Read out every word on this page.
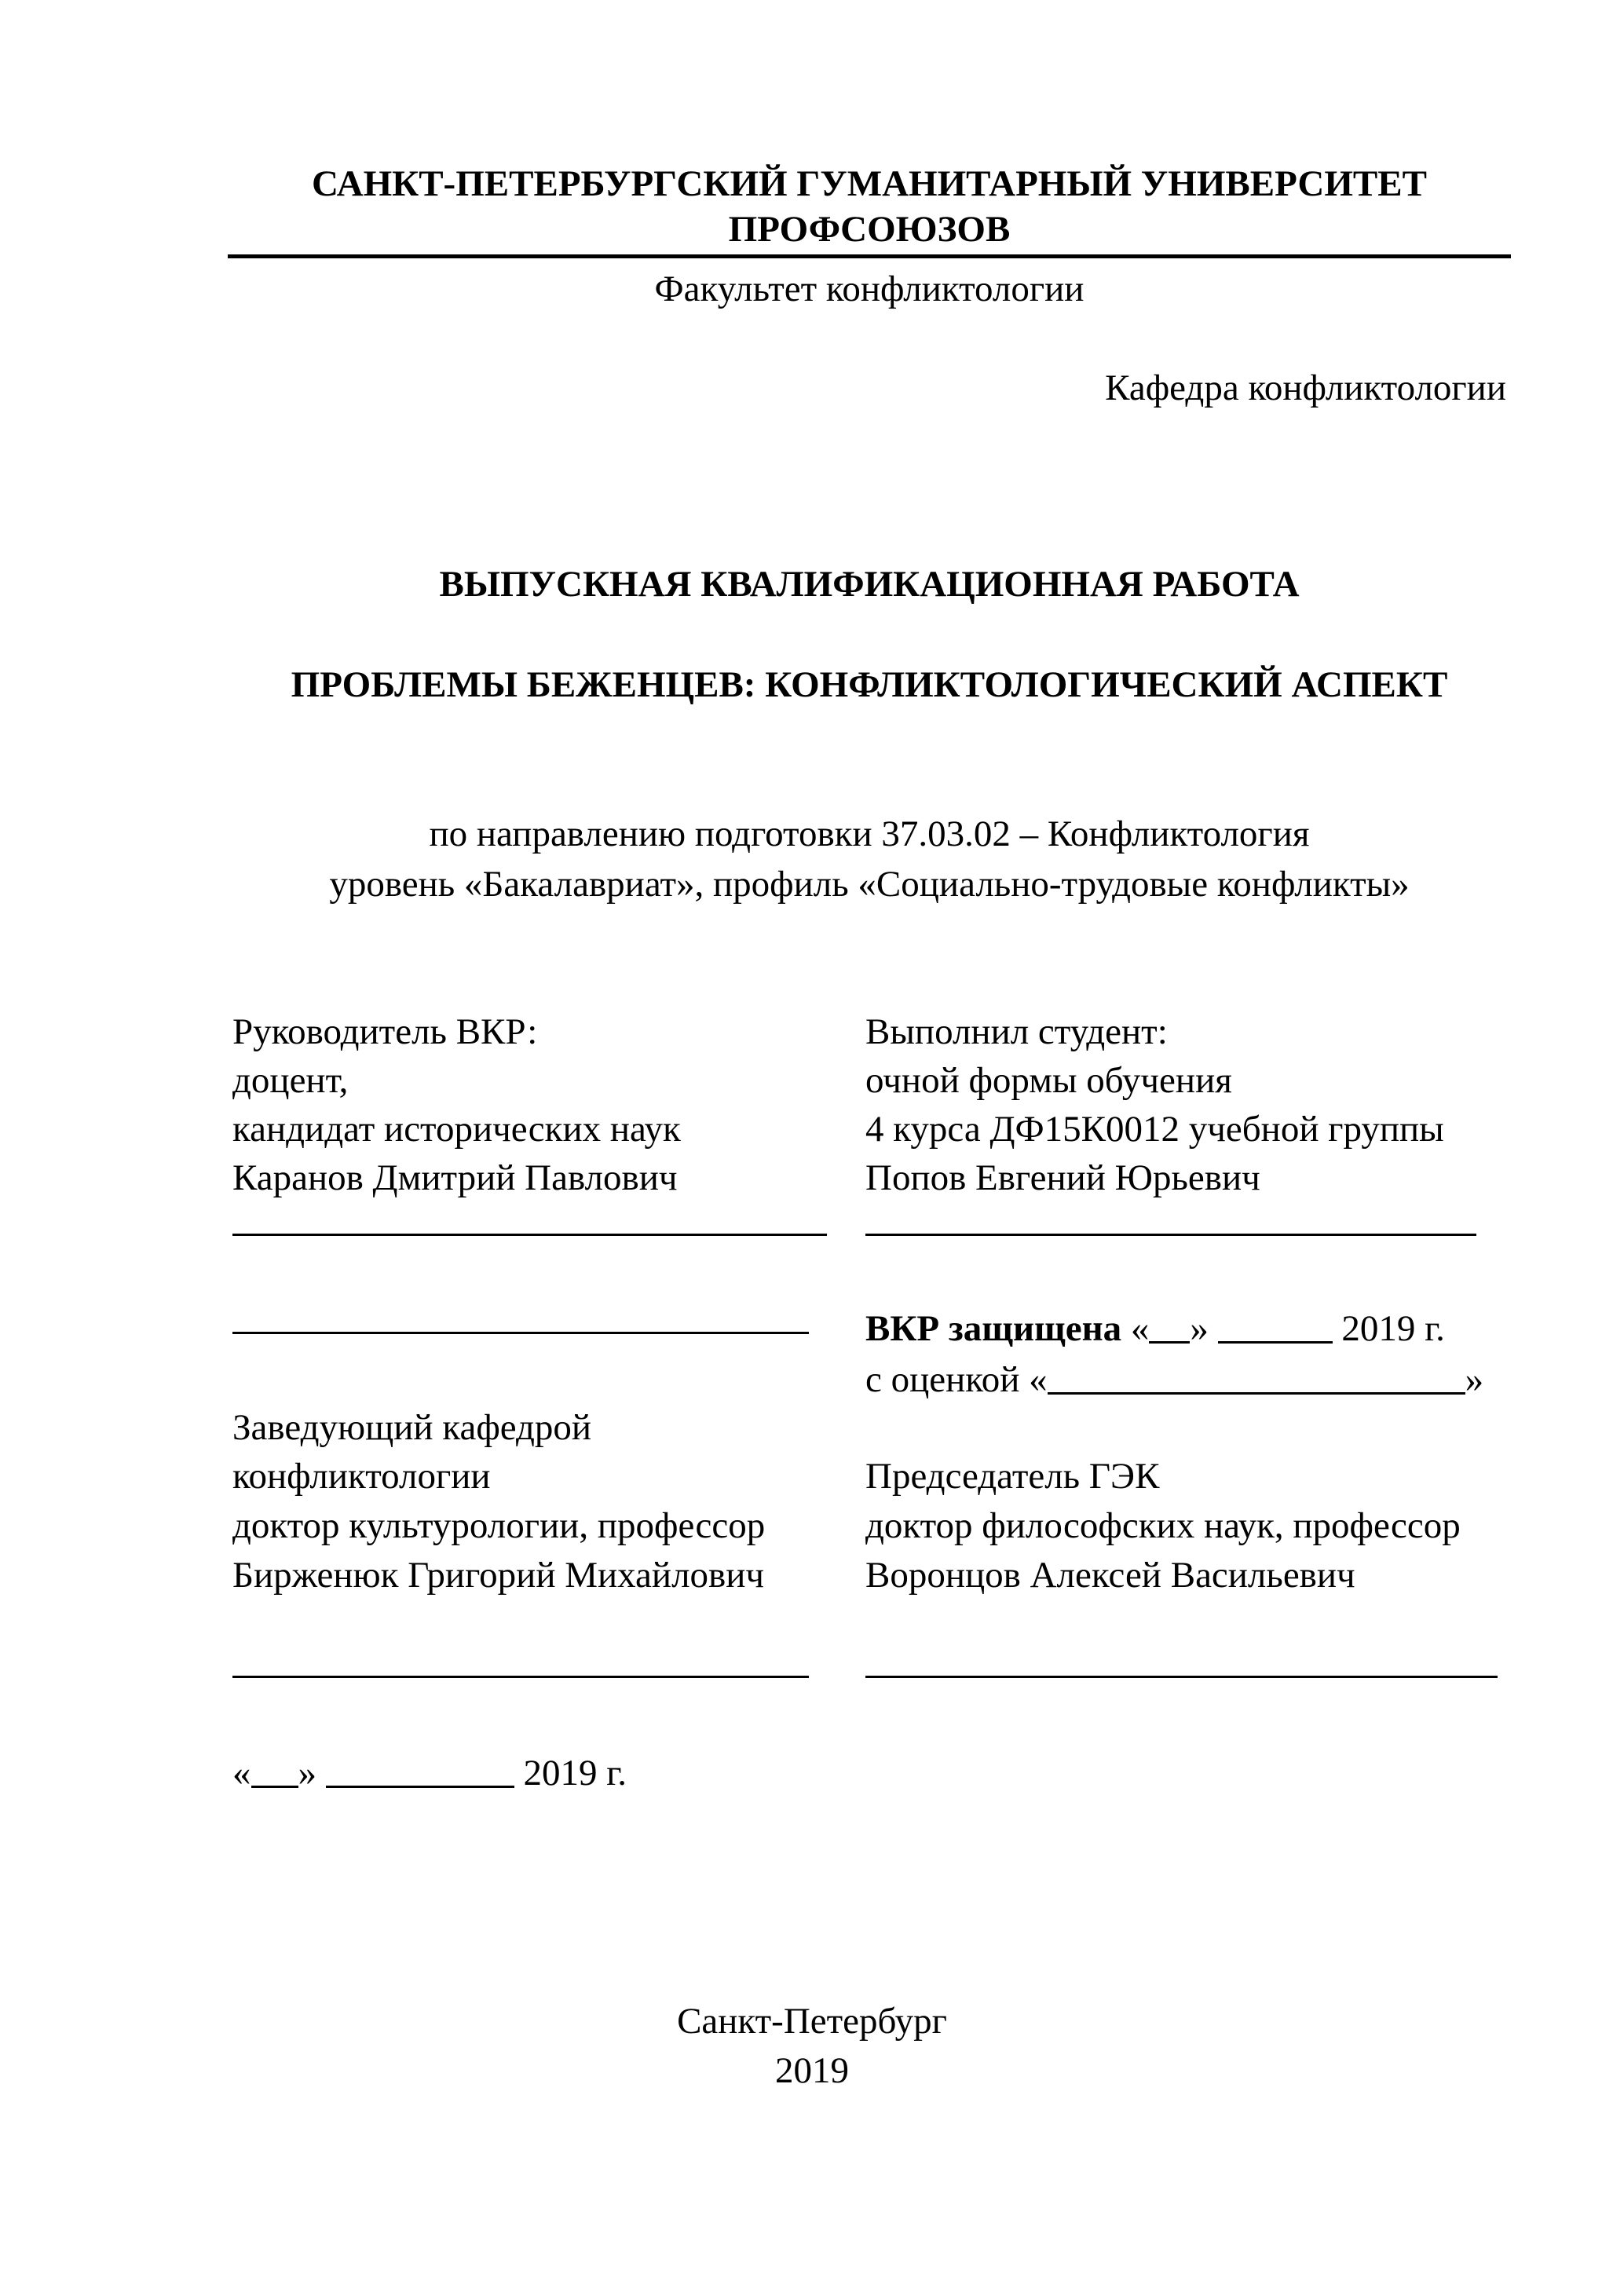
САНКТ-ПЕТЕРБУРГСКИЙ ГУМАНИТАРНЫЙ УНИВЕРСИТЕТ
ПРОФСОЮЗОВ
Факультет конфликтологии
Кафедра конфликтологии
ВЫПУСКНАЯ КВАЛИФИКАЦИОННАЯ РАБОТА
ПРОБЛЕМЫ БЕЖЕНЦЕВ: КОНФЛИКТОЛОГИЧЕСКИЙ АСПЕКТ
по направлению подготовки 37.03.02 – Конфликтология
уровень «Бакалавриат», профиль «Социально-трудовые конфликты»
Руководитель ВКР:
доцент,
кандидат исторических наук
Каранов Дмитрий Павлович
Выполнил студент:
очной формы обучения
4 курса ДФ15К0012 учебной группы
Попов Евгений Юрьевич
ВКР защищена « »	2019 г.
с оценкой «	»
Заведующий кафедрой
конфликтологии
доктор культурологии, профессор
Бирженюк Григорий Михайлович
Председатель ГЭК
доктор философских наук, профессор
Воронцов Алексей Васильевич
« »	2019 г.
Санкт-Петербург
2019
